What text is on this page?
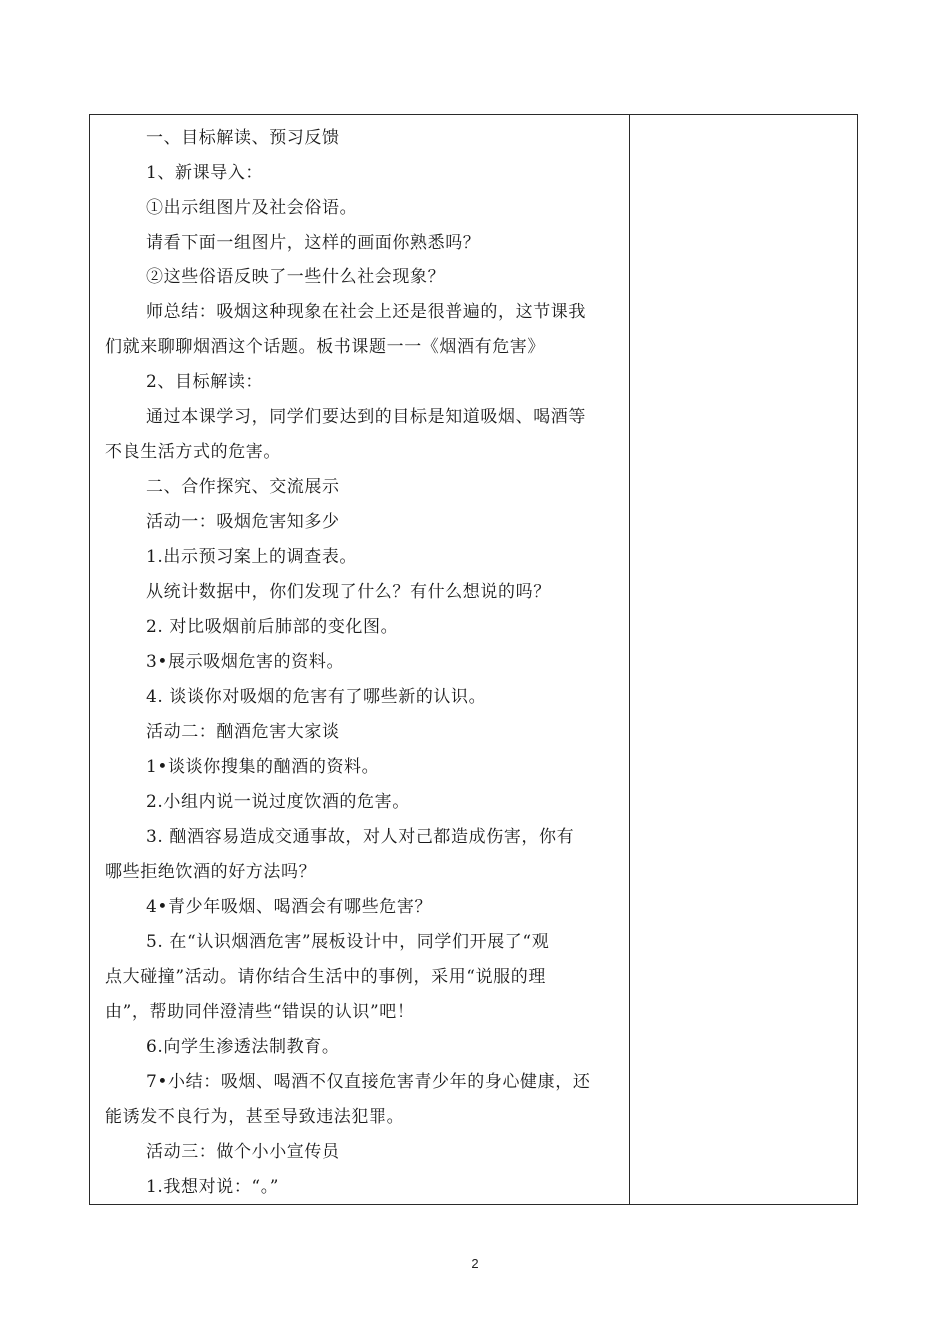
一、目标解读、预习反馈

1、新课导入：

①出示组图片及社会俗语。

请看下面一组图片，这样的画面你熟悉吗？

②这些俗语反映了一些什么社会现象？

师总结：吸烟这种现象在社会上还是很普遍的，这节课我

们就来聊聊烟酒这个话题。板书课题一一《烟酒有危害》

2、目标解读：

通过本课学习，同学们要达到的目标是知道吸烟、喝酒等

不良生活方式的危害。

二、合作探究、交流展示

活动一：吸烟危害知多少

1.出示预习案上的调查表。

从统计数据中，你们发现了什么？有什么想说的吗？

2. 对比吸烟前后肺部的变化图。

3•展示吸烟危害的资料。

4. 谈谈你对吸烟的危害有了哪些新的认识。

活动二：酗酒危害大家谈

1•谈谈你搜集的酗酒的资料。

2.小组内说一说过度饮酒的危害。

3. 酗酒容易造成交通事故，对人对己都造成伤害，你有

哪些拒绝饮酒的好方法吗？

4•青少年吸烟、喝酒会有哪些危害？

5. 在“认识烟酒危害”展板设计中，同学们开展了“观

点大碰撞”活动。请你结合生活中的事例，采用“说服的理

由”，帮助同伴澄清些“错误的认识”吧！

6.向学生渗透法制教育。

7•小结：吸烟、喝酒不仅直接危害青少年的身心健康，还

能诱发不良行为，甚至导致违法犯罪。

活动三：做个小小宣传员

1.我想对说：“。”

2
